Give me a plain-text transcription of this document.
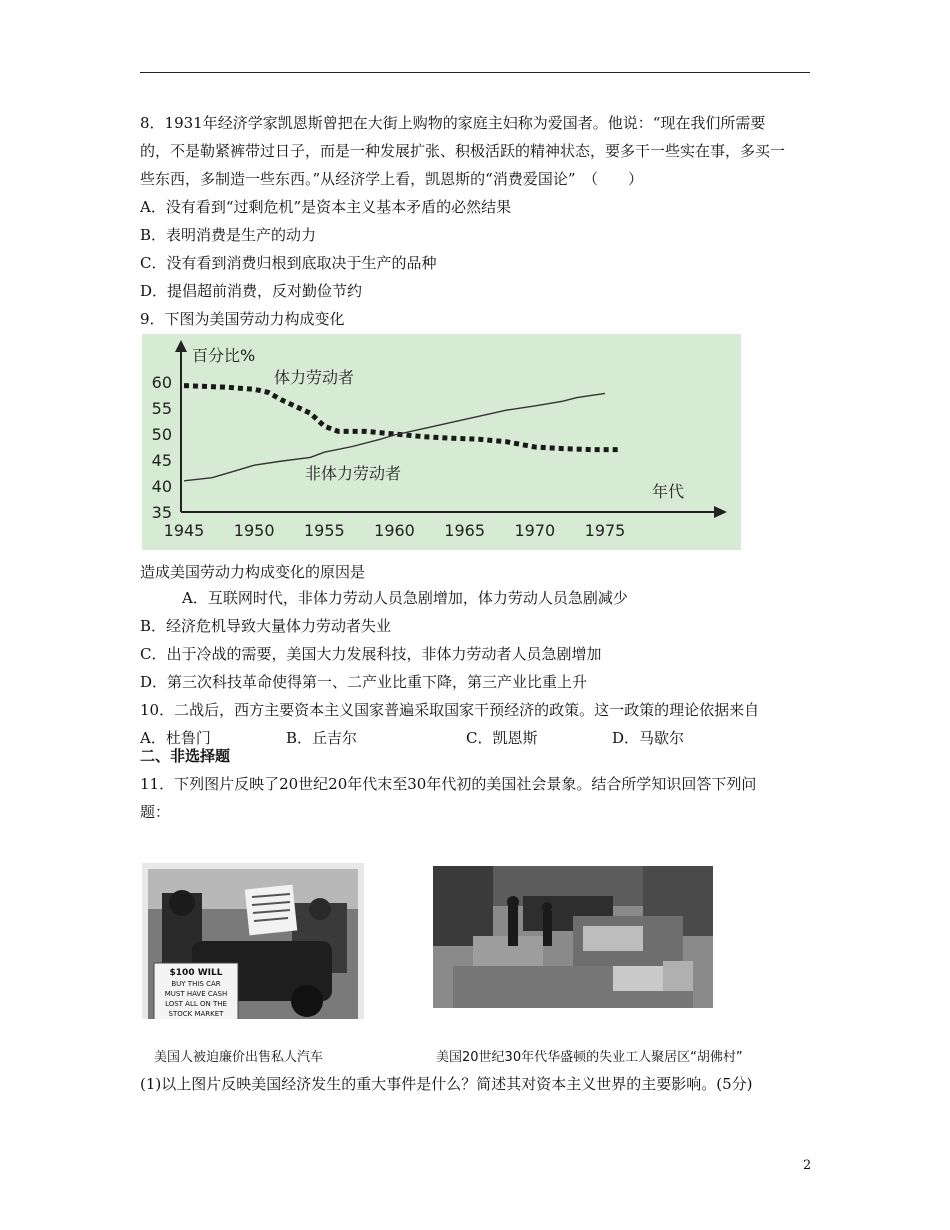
8．1931年经济学家凯恩斯曾把在大街上购物的家庭主妇称为爱国者。他说：“现在我们所需要
的，不是勒紧裤带过日子，而是一种发展扩张、积极活跃的精神状态，要多干一些实在事，多买一
些东西，多制造一些东西。”从经济学上看，凯恩斯的“消费爱国论”　（　　）
A．没有看到“过剩危机”是资本主义基本矛盾的必然结果
B．表明消费是生产的动力
C．没有看到消费归根到底取决于生产的品种
D．提倡超前消费，反对勤俭节约
9．下图为美国劳动力构成变化
60
55
50
45
40
35
1945 1950 1955 1960 1965 1970 1975
百分比%
年代
体力劳动者
非体力劳动者
造成美国劳动力构成变化的原因是
A．互联网时代，非体力劳动人员急剧增加，体力劳动人员急剧减少
B．经济危机导致大量体力劳动者失业
C．出于冷战的需要，美国大力发展科技，非体力劳动者人员急剧增加
D．第三次科技革命使得第一、二产业比重下降，第三产业比重上升
10．二战后，西方主要资本主义国家普遍采取国家干预经济的政策。这一政策的理论依据来自
A．杜鲁门	B．丘吉尔	C．凯恩斯	D．马歇尔
二、非选择题
11．下列图片反映了20世纪20年代末至30年代初的美国社会景象。结合所学知识回答下列问
题：
$100 WILL
BUY THIS CAR
MUST HAVE CASH
LOST ALL ON THE
STOCK MARKET
美国人被迫廉价出售私人汽车	美国20世纪30年代华盛顿的失业工人聚居区“胡佛村”
(1)以上图片反映美国经济发生的重大事件是什么？简述其对资本主义世界的主要影响。(5分)
2
